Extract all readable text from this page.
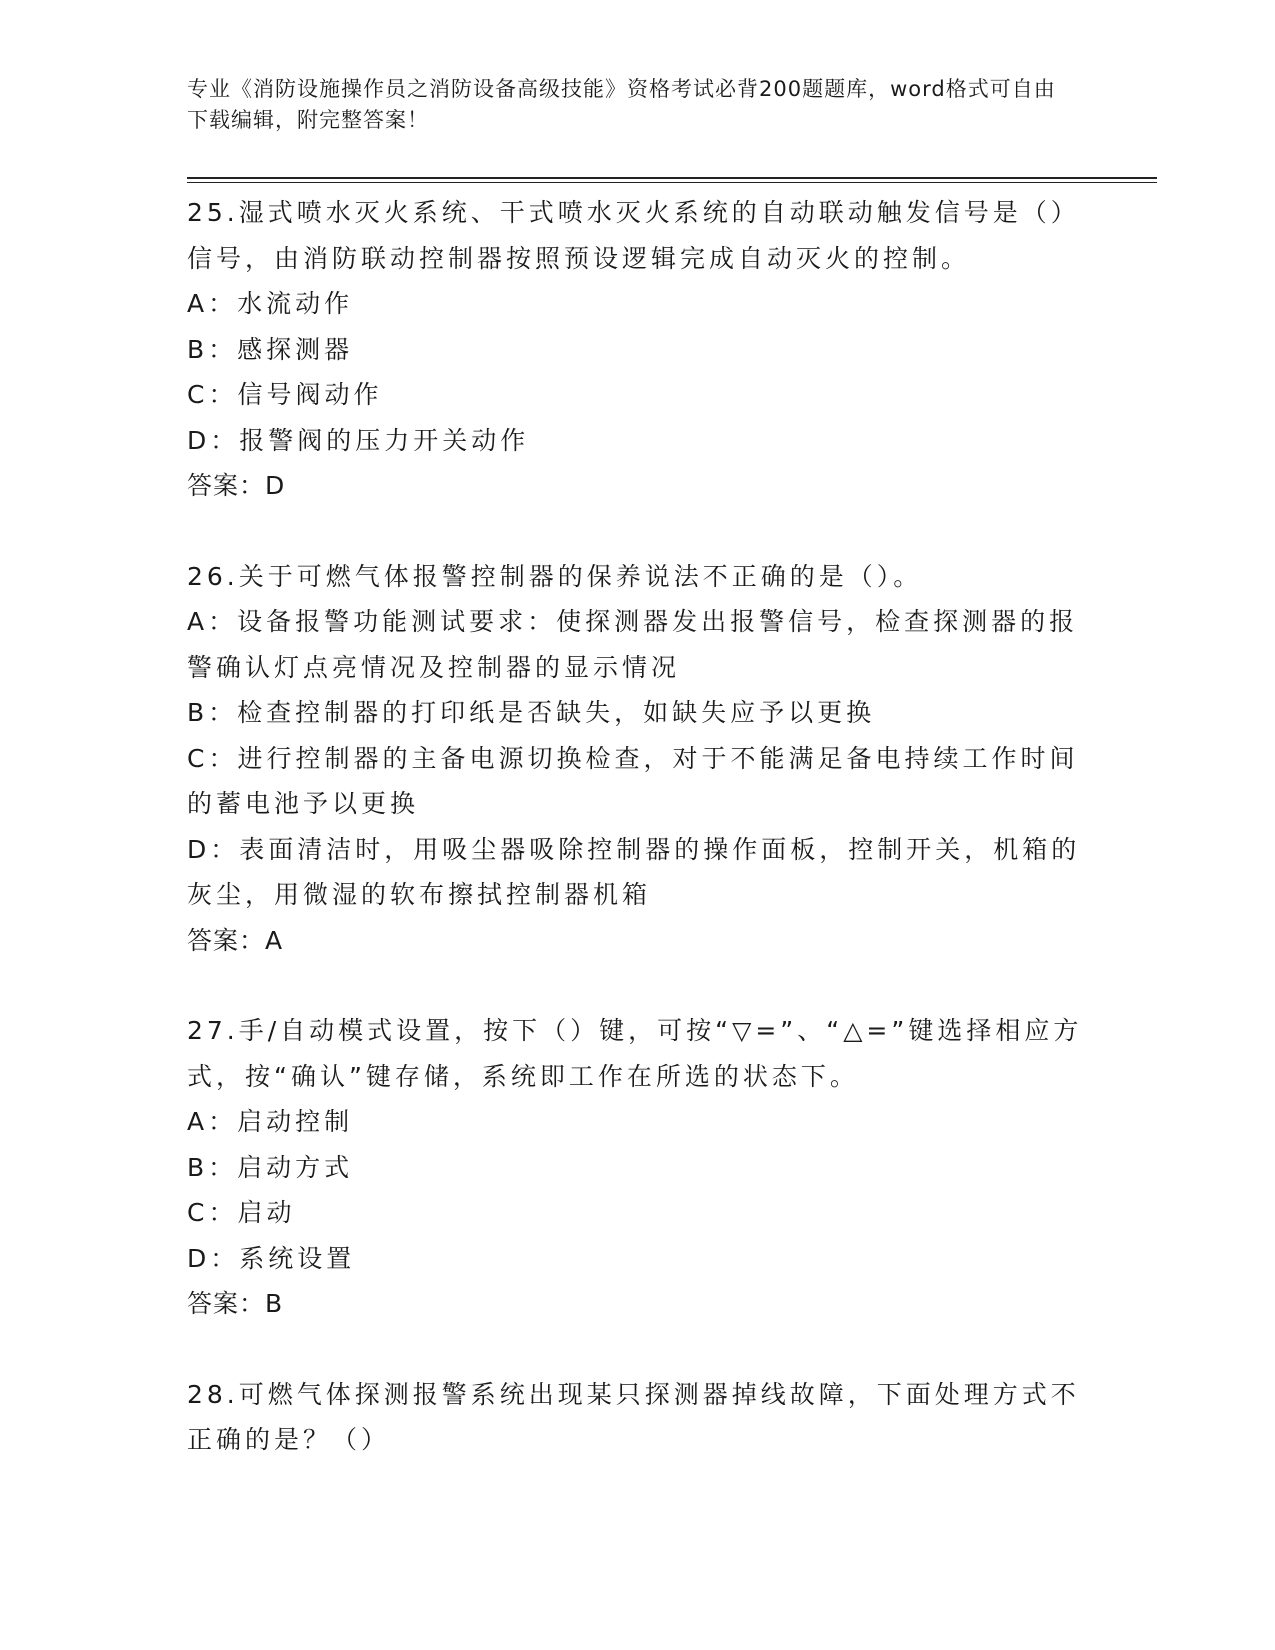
专业《消防设施操作员之消防设备高级技能》资格考试必背200题题库，word格式可自由下载编辑，附完整答案！

25.湿式喷水灭火系统、干式喷水灭火系统的自动联动触发信号是（）信号，由消防联动控制器按照预设逻辑完成自动灭火的控制。

A：水流动作

B：感探测器

C：信号阀动作

D：报警阀的压力开关动作

答案：D

26.关于可燃气体报警控制器的保养说法不正确的是（）。

A：设备报警功能测试要求：使探测器发出报警信号，检查探测器的报警确认灯点亮情况及控制器的显示情况

B：检查控制器的打印纸是否缺失，如缺失应予以更换

C：进行控制器的主备电源切换检查，对于不能满足备电持续工作时间的蓄电池予以更换

D：表面清洁时，用吸尘器吸除控制器的操作面板，控制开关，机箱的灰尘，用微湿的软布擦拭控制器机箱

答案：A

27.手/自动模式设置，按下（）键，可按“▽=”、“△=”键选择相应方式，按“确认”键存储，系统即工作在所选的状态下。

A：启动控制

B：启动方式

C：启动

D：系统设置

答案：B

28.可燃气体探测报警系统出现某只探测器掉线故障，下面处理方式不正确的是？（）
